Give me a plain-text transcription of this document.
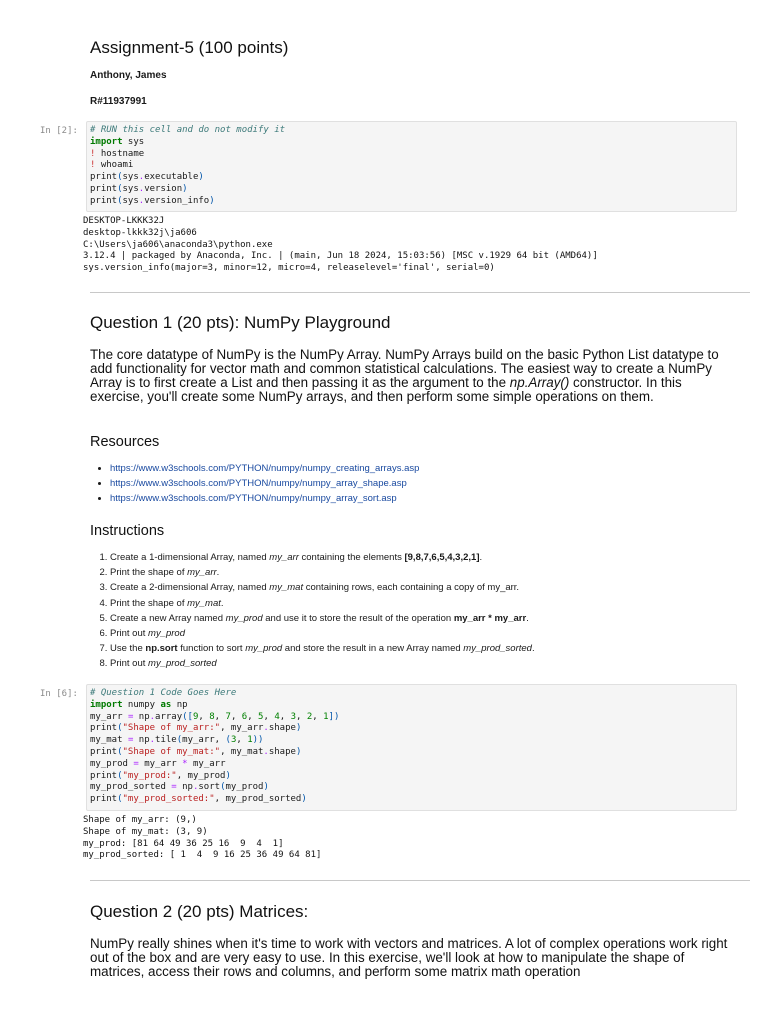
Assignment-5 (100 points)

Anthony, James

R#11937991

In [2]:	# RUN this cell and do not modify it
import sys
! hostname
! whoami
print(sys.executable)
print(sys.version)
print(sys.version_info)
DESKTOP-LKKK32J
desktop-lkkk32j\ja606
C:\Users\ja606\anaconda3\python.exe
3.12.4 | packaged by Anaconda, Inc. | (main, Jun 18 2024, 15:03:56) [MSC v.1929 64 bit (AMD64)]
sys.version_info(major=3, minor=12, micro=4, releaselevel='final', serial=0)
Question 1 (20 pts): NumPy Playground

The core datatype of NumPy is the NumPy Array. NumPy Arrays build on the basic Python List datatype to add functionality for vector math and common statistical calculations. The easiest way to create a NumPy Array is to first create a List and then passing it as the argument to the np.Array() constructor. In this exercise, you'll create some NumPy arrays, and then perform some simple operations on them.

Resources
• https://www.w3schools.com/PYTHON/numpy/numpy_creating_arrays.asp
• https://www.w3schools.com/PYTHON/numpy/numpy_array_shape.asp
• https://www.w3schools.com/PYTHON/numpy/numpy_array_sort.asp
Instructions
1. Create a 1-dimensional Array, named my_arr containing the elements [9,8,7,6,5,4,3,2,1].
2. Print the shape of my_arr.
3. Create a 2-dimensional Array, named my_mat containing rows, each containing a copy of my_arr.
4. Print the shape of my_mat.
5. Create a new Array named my_prod and use it to store the result of the operation my_arr * my_arr.
6. Print out my_prod
7. Use the np.sort function to sort my_prod and store the result in a new Array named my_prod_sorted.
8. Print out my_prod_sorted
In [6]:	# Question 1 Code Goes Here
import numpy as np
my_arr = np.array([9, 8, 7, 6, 5, 4, 3, 2, 1])
print("Shape of my_arr:", my_arr.shape)
my_mat = np.tile(my_arr, (3, 1))
print("Shape of my_mat:", my_mat.shape)
my_prod = my_arr * my_arr
print("my_prod:", my_prod)
my_prod_sorted = np.sort(my_prod)
print("my_prod_sorted:", my_prod_sorted)
Shape of my_arr: (9,)
Shape of my_mat: (3, 9)
my_prod: [81 64 49 36 25 16  9  4  1]
my_prod_sorted: [ 1  4  9 16 25 36 49 64 81]
Question 2 (20 pts) Matrices:

NumPy really shines when it's time to work with vectors and matrices. A lot of complex operations work right out of the box and are very easy to use. In this exercise, we'll look at how to manipulate the shape of matrices, access their rows and columns, and perform some matrix math operation
